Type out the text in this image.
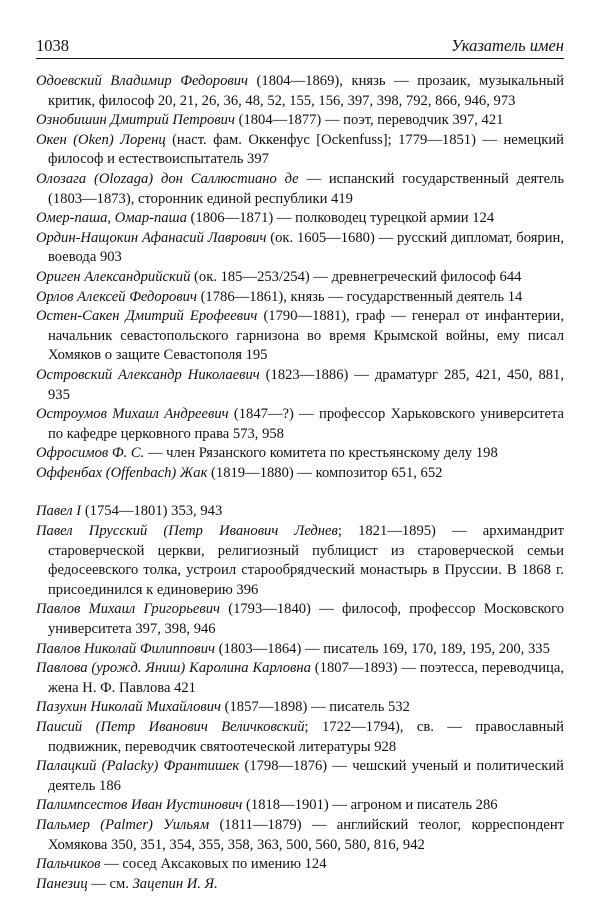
1038	Указатель имен

Одоевский Владимир Федорович (1804—1869), князь — прозаик, музыкальный критик, философ 20, 21, 26, 36, 48, 52, 155, 156, 397, 398, 792, 866, 946, 973

Ознобишин Дмитрий Петрович (1804—1877) — поэт, переводчик 397, 421

Окен (Oken) Лоренц (наст. фам. Оккенфус [Ockenfuss]; 1779—1851) — немецкий философ и естествоиспытатель 397

Олозага (Olozaga) дон Саллюстиано де — испанский государственный деятель (1803—1873), сторонник единой республики 419

Омер-паша, Омар-паша (1806—1871) — полководец турецкой армии 124

Ордин-Нащокин Афанасий Лаврович (ок. 1605—1680) — русский дипломат, боярин, воевода 903

Ориген Александрийский (ок. 185—253/254) — древнегреческий философ 644

Орлов Алексей Федорович (1786—1861), князь — государственный деятель 14

Остен-Сакен Дмитрий Ерофеевич (1790—1881), граф — генерал от инфантерии, начальник севастопольского гарнизона во время Крымской войны, ему писал Хомяков о защите Севастополя 195

Островский Александр Николаевич (1823—1886) — драматург 285, 421, 450, 881, 935

Остроумов Михаил Андреевич (1847—?) — профессор Харьковского университета по кафедре церковного права 573, 958

Офросимов Ф. С. — член Рязанского комитета по крестьянскому делу 198

Оффенбах (Offenbach) Жак (1819—1880) — композитор 651, 652

Павел I (1754—1801) 353, 943

Павел Прусский (Петр Иванович Леднев; 1821—1895) — архимандрит староверческой церкви, религиозный публицист из староверческой семьи федосеевского толка, устроил старообрядческий монастырь в Пруссии. В 1868 г. присоединился к единоверию 396

Павлов Михаил Григорьевич (1793—1840) — философ, профессор Московского университета 397, 398, 946

Павлов Николай Филиппович (1803—1864) — писатель 169, 170, 189, 195, 200, 335

Павлова (урожд. Яниш) Каролина Карловна (1807—1893) — поэтесса, переводчица, жена Н. Ф. Павлова 421

Пазухин Николай Михайлович (1857—1898) — писатель 532

Паисий (Петр Иванович Величковский; 1722—1794), св. — православный подвижник, переводчик святоотеческой литературы 928

Палацкий (Palacky) Франтишек (1798—1876) — чешский ученый и политический деятель 186

Палимпсестов Иван Иустинович (1818—1901) — агроном и писатель 286

Пальмер (Palmer) Уильям (1811—1879) — английский теолог, корреспондент Хомякова 350, 351, 354, 355, 358, 363, 500, 560, 580, 816, 942

Пальчиков — сосед Аксаковых по имению 124

Панезиц — см. Зацепин И. Я.
